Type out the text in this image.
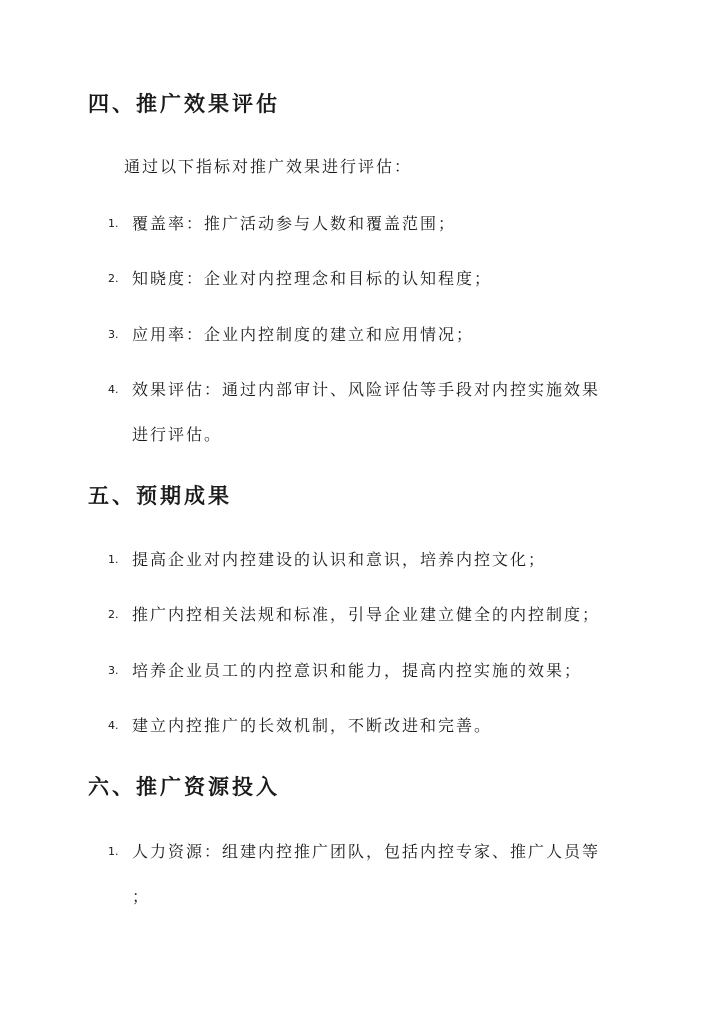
四、推广效果评估
通过以下指标对推广效果进行评估：
1. 覆盖率：推广活动参与人数和覆盖范围；
2. 知晓度：企业对内控理念和目标的认知程度；
3. 应用率：企业内控制度的建立和应用情况；
4. 效果评估：通过内部审计、风险评估等手段对内控实施效果
进行评估。
五、预期成果
1. 提高企业对内控建设的认识和意识，培养内控文化；
2. 推广内控相关法规和标准，引导企业建立健全的内控制度；
3. 培养企业员工的内控意识和能力，提高内控实施的效果；
4. 建立内控推广的长效机制，不断改进和完善。
六、推广资源投入
1. 人力资源：组建内控推广团队，包括内控专家、推广人员等
；
